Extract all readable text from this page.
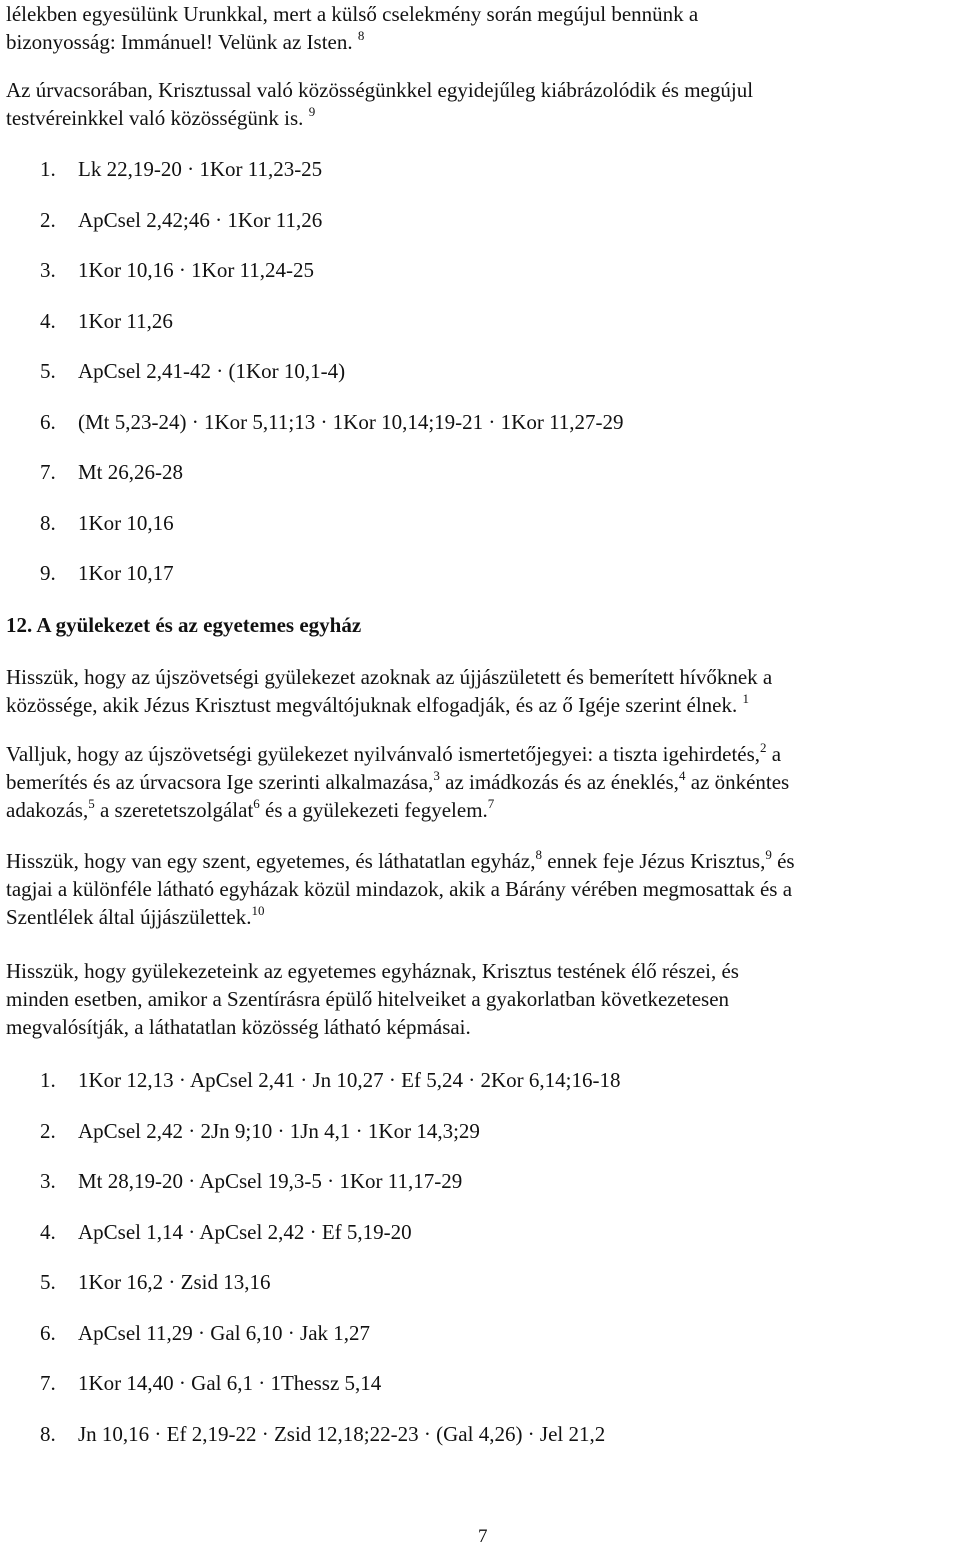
lélekben egyesülünk Urunkkal, mert a külső cselekmény során megújul bennünk a
bizonyosság: Immánuel! Velünk az Isten. $^8$

Az úrvacsorában, Krisztussal való közösségünkkel egyidejűleg kiábrázolódik és megújul
testvéreinkkel való közösségünk is. $^9$

1.	Lk 22,19-20 · 1Kor 11,23-25
2.	ApCsel 2,42;46 · 1Kor 11,26
3.	1Kor 10,16 · 1Kor 11,24-25
4.	1Kor 11,26
5.	ApCsel 2,41-42 · (1Kor 10,1-4)
6.	(Mt 5,23-24) · 1Kor 5,11;13 · 1Kor 10,14;19-21 · 1Kor 11,27-29
7.	Mt 26,26-28
8.	1Kor 10,16
9.	1Kor 10,17

12. A gyülekezet és az egyetemes egyház

Hisszük, hogy az újszövetségi gyülekezet azoknak az újjászületett és bemerített hívőknek a
közössége, akik Jézus Krisztust megváltójuknak elfogadják, és az ő Igéje szerint élnek. $^1$

Valljuk, hogy az újszövetségi gyülekezet nyilvánvaló ismertetőjegyei: a tiszta igehirdetés,$^2$ a
bemerítés és az úrvacsora Ige szerinti alkalmazása,$^3$ az imádkozás és az éneklés,$^4$ az önkéntes
adakozás,$^5$ a szeretetszolgálat$^6$ és a gyülekezeti fegyelem.$^7$

Hisszük, hogy van egy szent, egyetemes, és láthatatlan egyház,$^8$ ennek feje Jézus Krisztus,$^9$ és
tagjai a különféle látható egyházak közül mindazok, akik a Bárány vérében megmosattak és a
Szentlélek által újjászülettek.$^{10}$

Hisszük, hogy gyülekezeteink az egyetemes egyháznak, Krisztus testének élő részei, és
minden esetben, amikor a Szentírásra épülő hitelveiket a gyakorlatban következetesen
megvalósítják, a láthatatlan közösség látható képmásai.

1.	1Kor 12,13 · ApCsel 2,41 · Jn 10,27 · Ef 5,24 · 2Kor 6,14;16-18
2.	ApCsel 2,42 · 2Jn 9;10 · 1Jn 4,1 · 1Kor 14,3;29
3.	Mt 28,19-20 · ApCsel 19,3-5 · 1Kor 11,17-29
4.	ApCsel 1,14 · ApCsel 2,42 · Ef 5,19-20
5.	1Kor 16,2 · Zsid 13,16
6.	ApCsel 11,29 · Gal 6,10 · Jak 1,27
7.	1Kor 14,40 · Gal 6,1 · 1Thessz 5,14
8.	Jn 10,16 · Ef 2,19-22 · Zsid 12,18;22-23 · (Gal 4,26) · Jel 21,2
7
